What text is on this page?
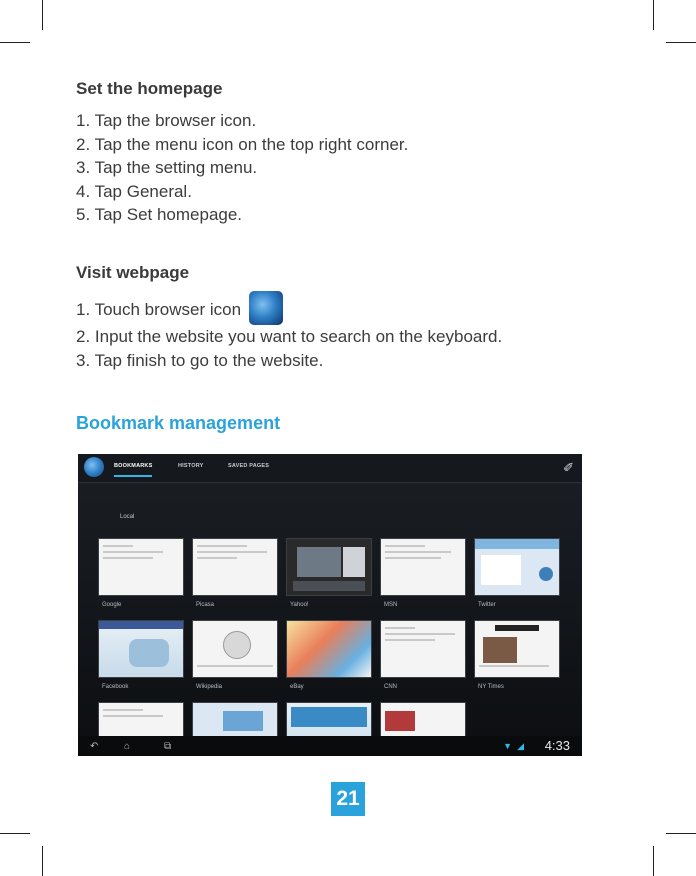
Set the homepage
1. Tap the browser icon.
2. Tap the menu icon on the top right corner.
3. Tap the setting menu.
4. Tap General.
5. Tap Set homepage.
Visit webpage
1. Touch browser icon
2. Input the website you want to search on the keyboard.
3. Tap finish to go to the website.
Bookmark management
BOOKMARKS	HISTORY	SAVED PAGES	✐
Local
Google	Picasa	Yahoo!	MSN	Twitter
Facebook	Wikipedia	eBay	CNN	NY Times
↶	⌂	⧉	▼ ◢ 4:33
21
